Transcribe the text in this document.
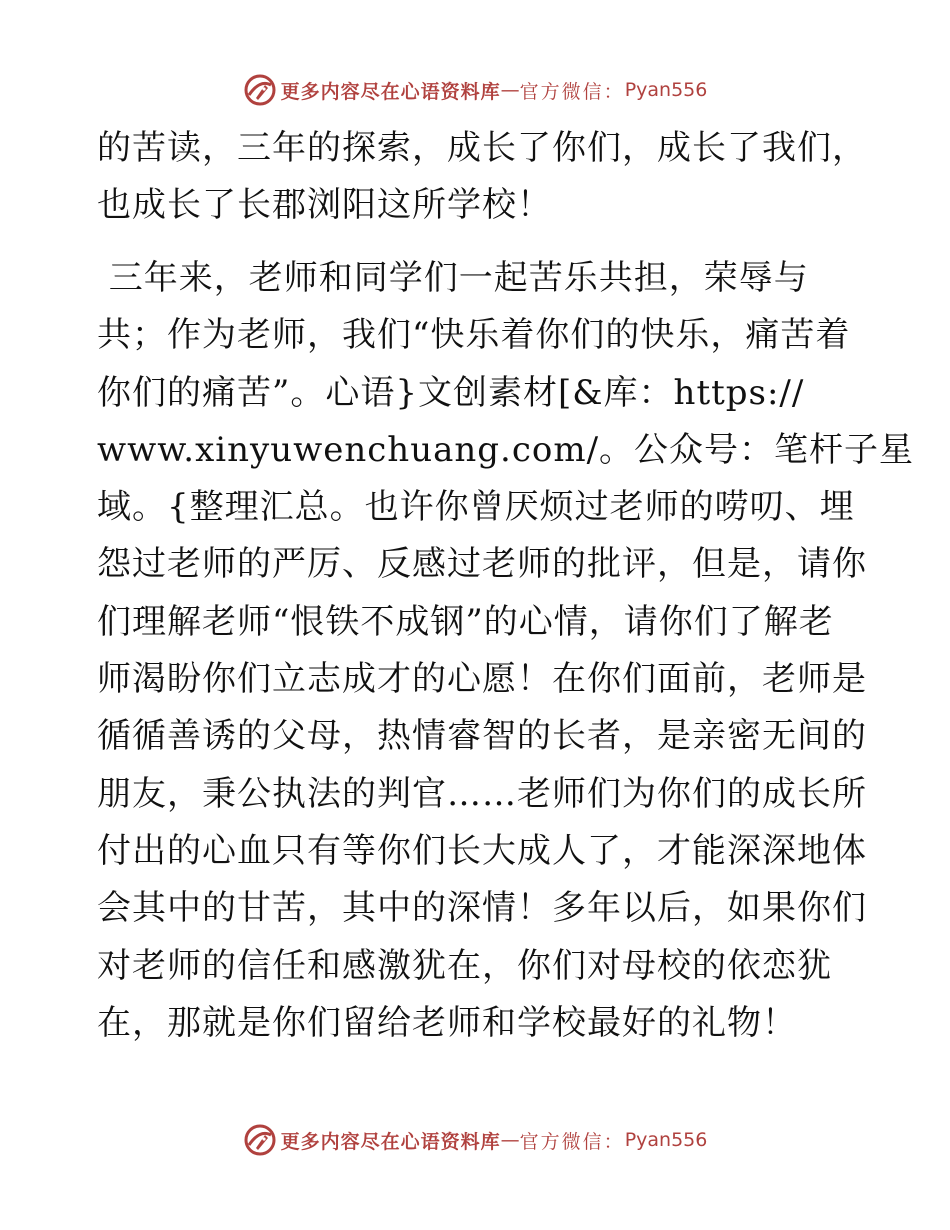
更多内容尽在心语资料库 — 官方微信： Pyan556

的苦读，三年的探索，成长了你们，成长了我们，
也成长了长郡浏阳这所学校！

三年来，老师和同学们一起苦乐共担，荣辱与
共；作为老师，我们“快乐着你们的快乐，痛苦着
你们的痛苦”。心语}文创素材[&库：https://
www.xinyuwenchuang.com/。公众号：笔杆子星
域。{整理汇总。也许你曾厌烦过老师的唠叨、埋
怨过老师的严厉、反感过老师的批评，但是，请你
们理解老师“恨铁不成钢”的心情，请你们了解老
师渴盼你们立志成才的心愿！在你们面前，老师是
循循善诱的父母，热情睿智的长者，是亲密无间的
朋友，秉公执法的判官……老师们为你们的成长所
付出的心血只有等你们长大成人了，才能深深地体
会其中的甘苦，其中的深情！多年以后，如果你们
对老师的信任和感激犹在，你们对母校的依恋犹
在，那就是你们留给老师和学校最好的礼物！

更多内容尽在心语资料库 — 官方微信： Pyan556
